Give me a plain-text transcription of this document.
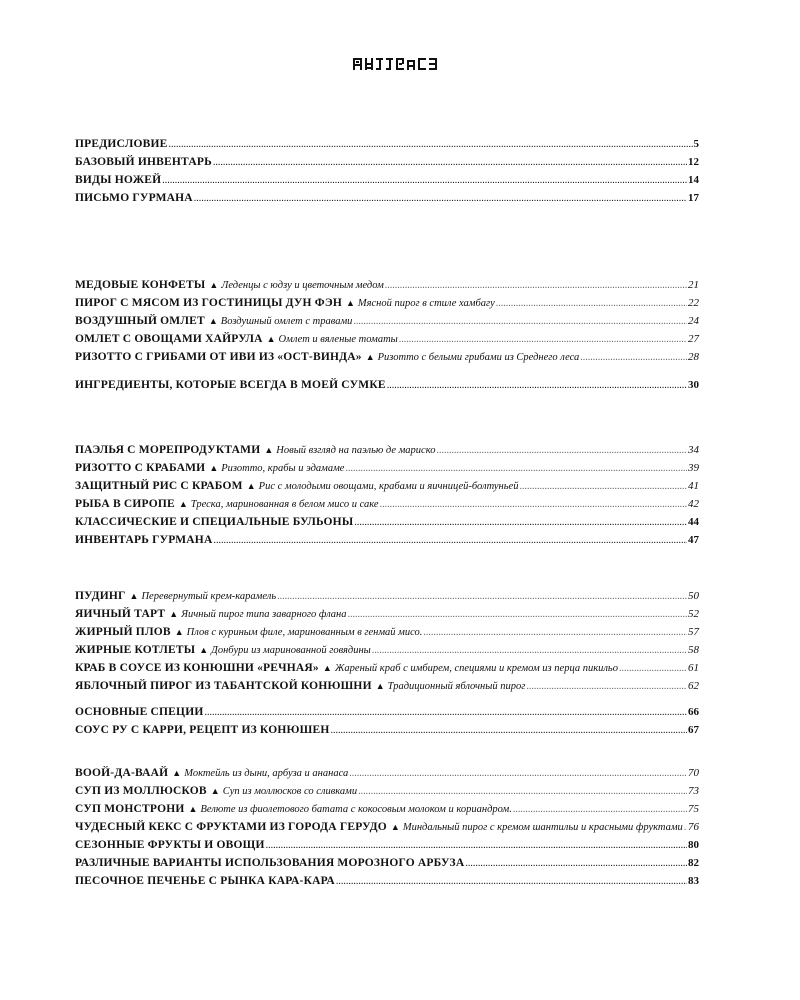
ПРЕДИСЛОВИЕ .....	5
БАЗОВЫЙ ИНВЕНТАРЬ .....	12
ВИДЫ НОЖЕЙ .....	14
ПИСЬМО ГУРМАНА .....	17
МЕДОВЫЕ КОНФЕТЫ ▲ Леденцы с юдзу и цветочным медом .....	21
ПИРОГ С МЯСОМ ИЗ ГОСТИНИЦЫ ДУН ФЭН ▲ Мясной пирог в стиле хамбагу .....	22
ВОЗДУШНЫЙ ОМЛЕТ ▲ Воздушный омлет с травами .....	24
ОМЛЕТ С ОВОЩАМИ ХАЙРУЛА ▲ Омлет и вяленые томаты .....	27
РИЗОТТО С ГРИБАМИ ОТ ИВИ ИЗ «ОСТ-ВИНДА» ▲ Ризотто с белыми грибами из Среднего леса .....	28
ИНГРЕДИЕНТЫ, КОТОРЫЕ ВСЕГДА В МОЕЙ СУМКЕ .....	30
ПАЭЛЬЯ С МОРЕПРОДУКТАМИ ▲ Новый взгляд на паэлью де мариско .....	34
РИЗОТТО С КРАБАМИ ▲ Ризотто, крабы и эдамаме .....	39
ЗАЩИТНЫЙ РИС С КРАБОМ ▲ Рис с молодыми овощами, крабами и яичницей-болтуньей .....	41
РЫБА В СИРОПЕ ▲ Треска, маринованная в белом мисо и саке .....	42
КЛАССИЧЕСКИЕ И СПЕЦИАЛЬНЫЕ БУЛЬОНЫ .....	44
ИНВЕНТАРЬ ГУРМАНА .....	47
ПУДИНГ ▲ Перевернутый крем-карамель .....	50
ЯИЧНЫЙ ТАРТ ▲ Яичный пирог типа заварного флана .....	52
ЖИРНЫЙ ПЛОВ ▲ Плов с куриным филе, маринованным в генмай мисо. .....	57
ЖИРНЫЕ КОТЛЕТЫ ▲ Донбури из маринованной говядины .....	58
КРАБ В СОУСЕ ИЗ КОНЮШНИ «РЕЧНАЯ» ▲ Жареный краб с имбирем, специями и кремом из перца пикильо .....	61
ЯБЛОЧНЫЙ ПИРОГ ИЗ ТАБАНТСКОЙ КОНЮШНИ ▲ Традиционный яблочный пирог .....	62
ОСНОВНЫЕ СПЕЦИИ .....	66
СОУС РУ С КАРРИ, РЕЦЕПТ ИЗ КОНЮШЕН .....	67
ВООЙ-ДА-ВААЙ ▲ Моктейль из дыни, арбуза и ананаса .....	70
СУП ИЗ МОЛЛЮСКОВ ▲ Суп из моллюсков со сливками .....	73
СУП МОНСТРОНИ ▲ Велюте из фиолетового батата с кокосовым молоком и кориандром. .....	75
ЧУДЕСНЫЙ КЕКС С ФРУКТАМИ ИЗ ГОРОДА ГЕРУДО ▲ Миндальный пирог с кремом шантильи и красными фруктами ..... 76
СЕЗОННЫЕ ФРУКТЫ И ОВОЩИ .....	80
РАЗЛИЧНЫЕ ВАРИАНТЫ ИСПОЛЬЗОВАНИЯ МОРОЗНОГО АРБУЗА .....	82
ПЕСОЧНОЕ ПЕЧЕНЬЕ С РЫНКА КАРА-КАРА .....	83
